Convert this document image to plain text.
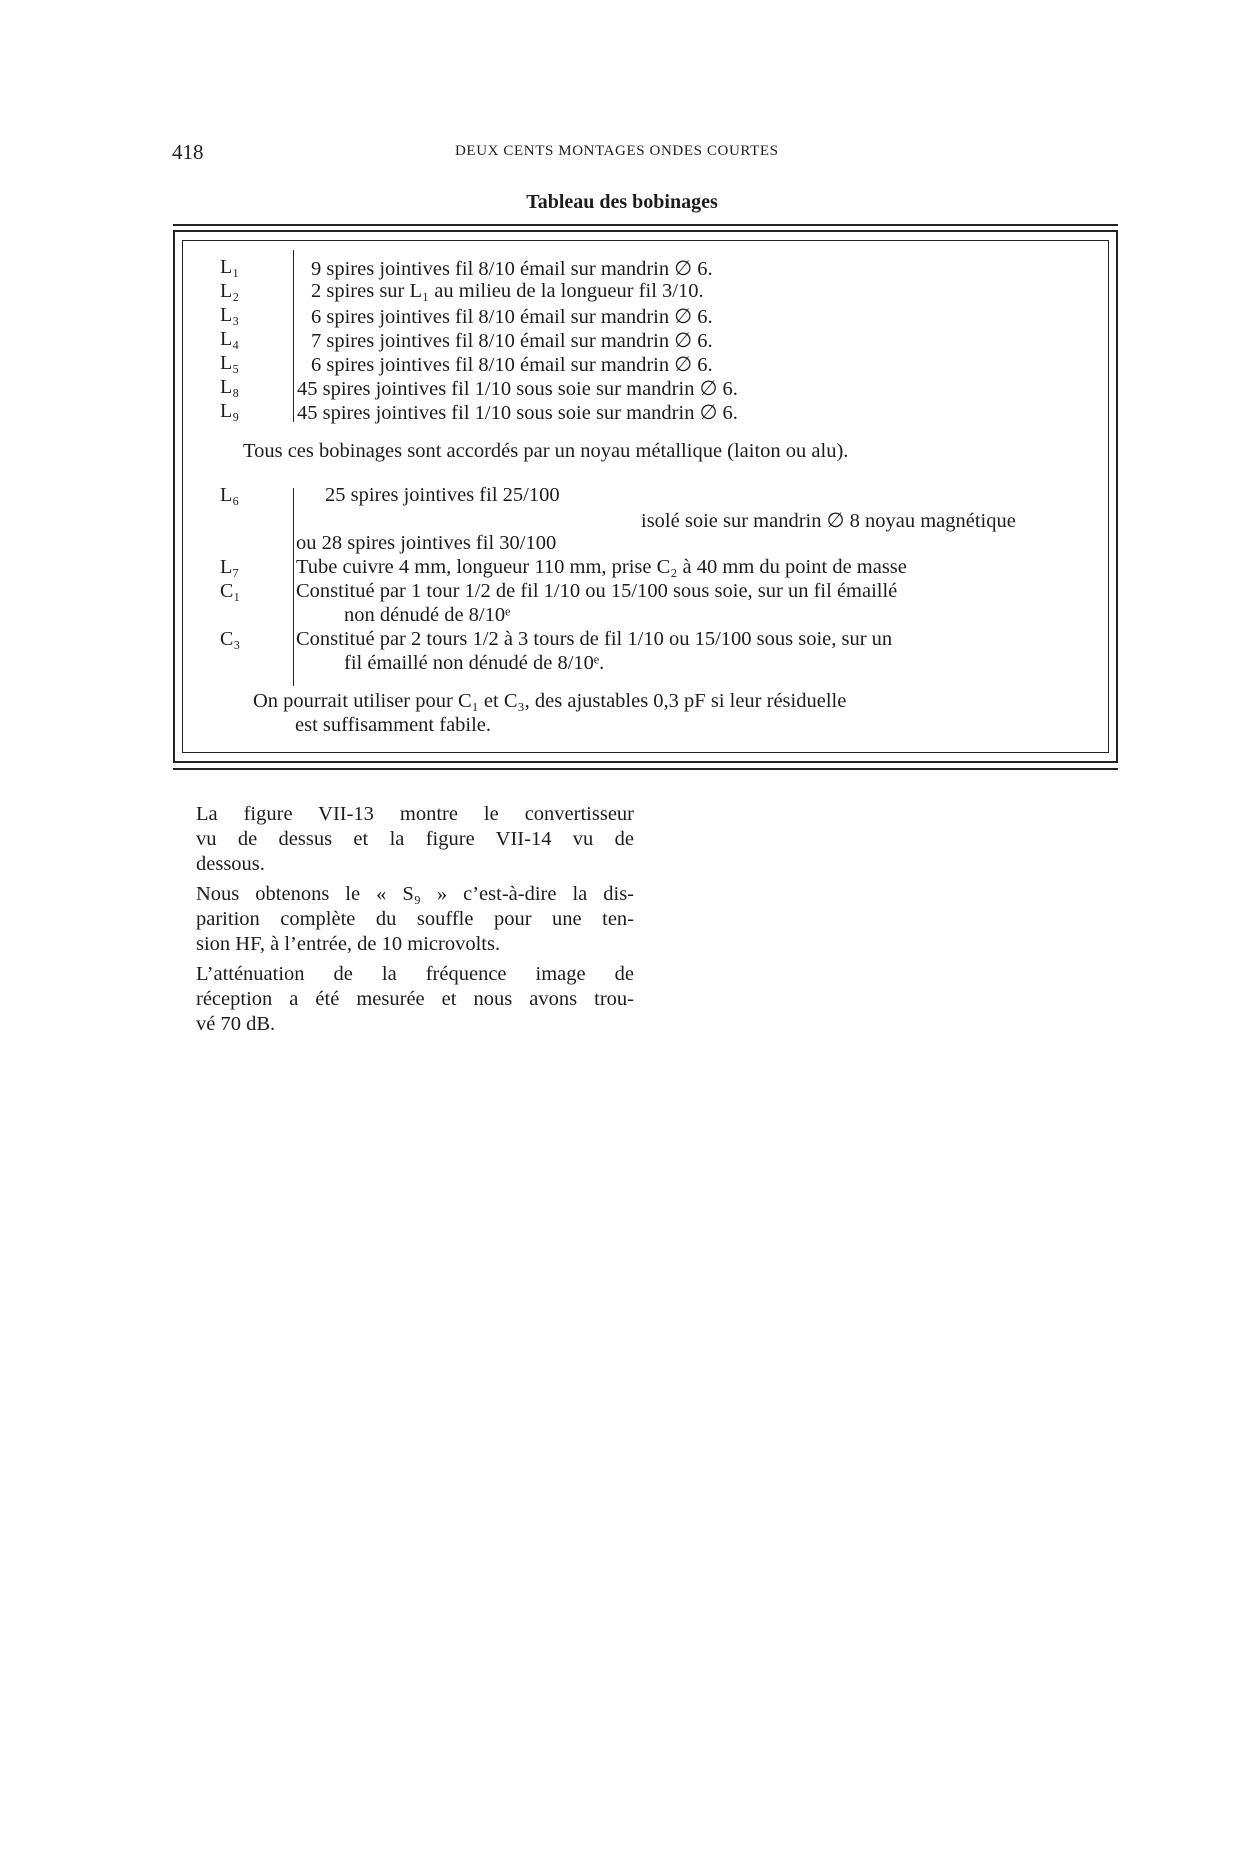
418	DEUX CENTS MONTAGES ONDES COURTES
Tableau des bobinages
L₁	9 spires jointives fil 8/10 émail sur mandrin ∅ 6.
L₂	2 spires sur L₁ au milieu de la longueur fil 3/10.
L₃	6 spires jointives fil 8/10 émail sur mandrin ∅ 6.
L₄	7 spires jointives fil 8/10 émail sur mandrin ∅ 6.
L₅	6 spires jointives fil 8/10 émail sur mandrin ∅ 6.
L₈	45 spires jointives fil 1/10 sous soie sur mandrin ∅ 6.
L₉	45 spires jointives fil 1/10 sous soie sur mandrin ∅ 6.
Tous ces bobinages sont accordés par un noyau métallique (laiton ou alu).
L₆	25 spires jointives fil 25/100
isolé soie sur mandrin ∅ 8 noyau magnétique
ou 28 spires jointives fil 30/100
L₇	Tube cuivre 4 mm, longueur 110 mm, prise C₂ à 40 mm du point de masse
C₁	Constitué par 1 tour 1/2 de fil 1/10 ou 15/100 sous soie, sur un fil émaillé
non dénudé de 8/10ᵉ
C₃	Constitué par 2 tours 1/2 à 3 tours de fil 1/10 ou 15/100 sous soie, sur un
fil émaillé non dénudé de 8/10ᵉ.
On pourrait utiliser pour C₁ et C₃, des ajustables 0,3 pF si leur résiduelle
est suffisamment fabile.
La figure VII-13 montre le convertisseur
vu de dessus et la figure VII-14 vu de
dessous.
Nous obtenons le « S₉ » c’est-à-dire la dis-
parition complète du souffle pour une ten-
sion HF, à l’entrée, de 10 microvolts.
L’atténuation de la fréquence image de
réception a été mesurée et nous avons trou-
vé 70 dB.
